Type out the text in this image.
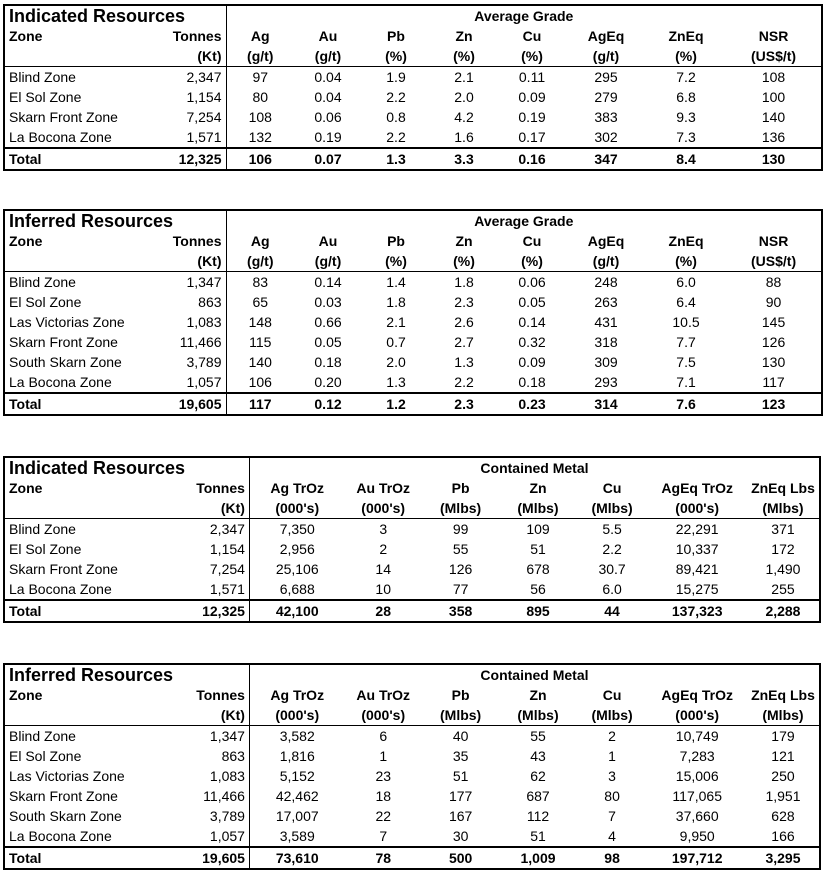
Indicated Resources		Average Grade							
Zone	Tonnes	Ag	Au	Pb	Zn	Cu	AgEq	ZnEq	NSR
	(Kt)	(g/t)	(g/t)	(%)	(%)	(%)	(g/t)	(%)	(US$/t)
Blind Zone	2,347	97	0.04	1.9	2.1	0.11	295	7.2	108
El Sol Zone	1,154	80	0.04	2.2	2.0	0.09	279	6.8	100
Skarn Front Zone	7,254	108	0.06	0.8	4.2	0.19	383	9.3	140
La Bocona Zone	1,571	132	0.19	2.2	1.6	0.17	302	7.3	136
Total	12,325	106	0.07	1.3	3.3	0.16	347	8.4	130
Inferred Resources		Average Grade							
Zone	Tonnes	Ag	Au	Pb	Zn	Cu	AgEq	ZnEq	NSR
	(Kt)	(g/t)	(g/t)	(%)	(%)	(%)	(g/t)	(%)	(US$/t)
Blind Zone	1,347	83	0.14	1.4	1.8	0.06	248	6.0	88
El Sol Zone	863	65	0.03	1.8	2.3	0.05	263	6.4	90
Las Victorias Zone	1,083	148	0.66	2.1	2.6	0.14	431	10.5	145
Skarn Front Zone	11,466	115	0.05	0.7	2.7	0.32	318	7.7	126
South Skarn Zone	3,789	140	0.18	2.0	1.3	0.09	309	7.5	130
La Bocona Zone	1,057	106	0.20	1.3	2.2	0.18	293	7.1	117
Total	19,605	117	0.12	1.2	2.3	0.23	314	7.6	123
Indicated Resources		Contained Metal						
Zone	Tonnes	Ag TrOz	Au TrOz	Pb	Zn	Cu	AgEq TrOz	ZnEq Lbs
	(Kt)	(000's)	(000's)	(Mlbs)	(Mlbs)	(Mlbs)	(000's)	(Mlbs)
Blind Zone	2,347	7,350	3	99	109	5.5	22,291	371
El Sol Zone	1,154	2,956	2	55	51	2.2	10,337	172
Skarn Front Zone	7,254	25,106	14	126	678	30.7	89,421	1,490
La Bocona Zone	1,571	6,688	10	77	56	6.0	15,275	255
Total	12,325	42,100	28	358	895	44	137,323	2,288
Inferred Resources		Contained Metal						
Zone	Tonnes	Ag TrOz	Au TrOz	Pb	Zn	Cu	AgEq TrOz	ZnEq Lbs
	(Kt)	(000's)	(000's)	(Mlbs)	(Mlbs)	(Mlbs)	(000's)	(Mlbs)
Blind Zone	1,347	3,582	6	40	55	2	10,749	179
El Sol Zone	863	1,816	1	35	43	1	7,283	121
Las Victorias Zone	1,083	5,152	23	51	62	3	15,006	250
Skarn Front Zone	11,466	42,462	18	177	687	80	117,065	1,951
South Skarn Zone	3,789	17,007	22	167	112	7	37,660	628
La Bocona Zone	1,057	3,589	7	30	51	4	9,950	166
Total	19,605	73,610	78	500	1,009	98	197,712	3,295
